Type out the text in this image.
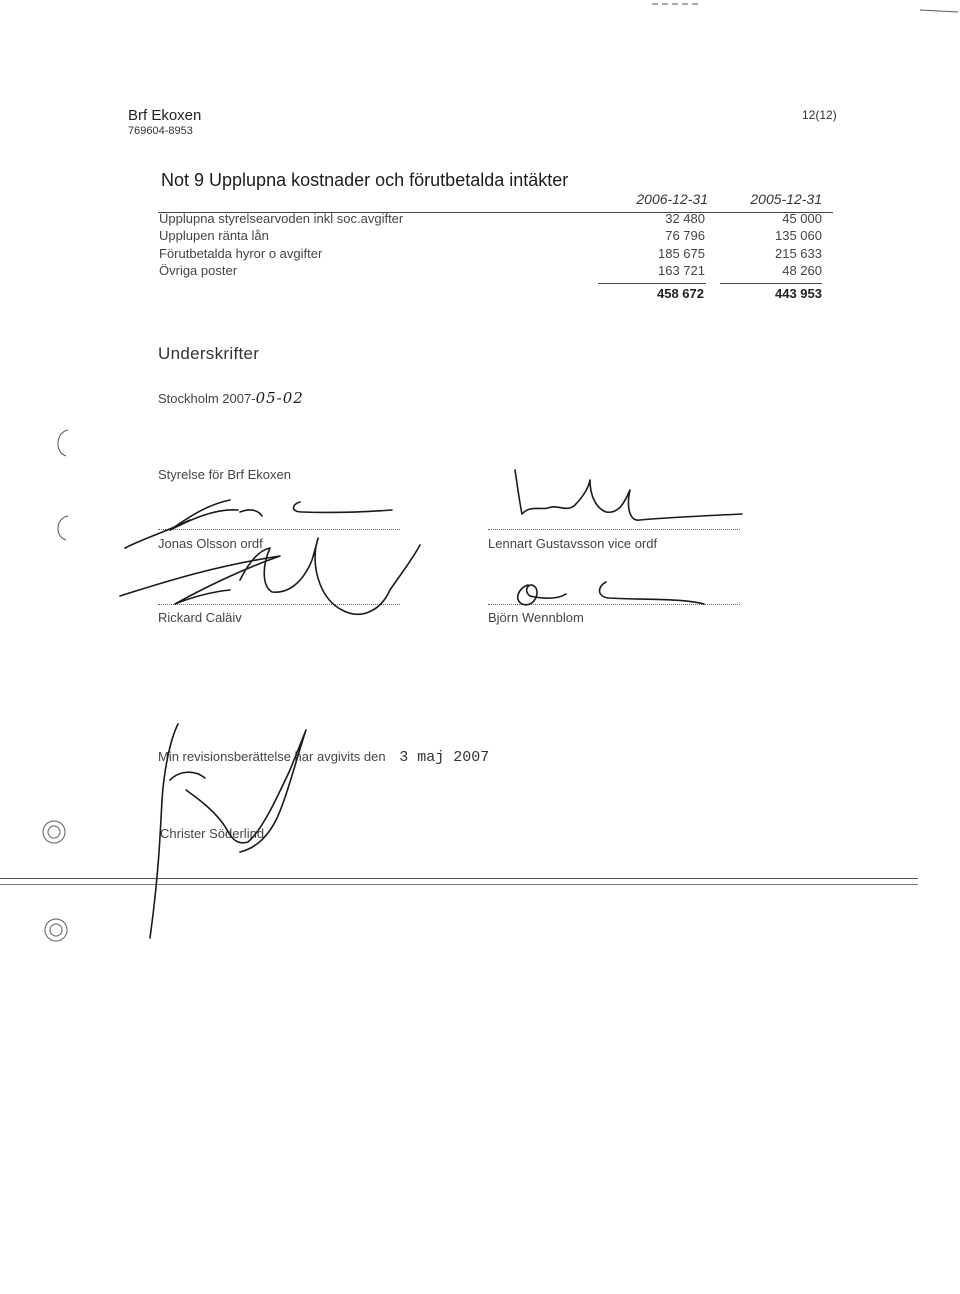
Brf Ekoxen
769604-8953
12(12)
Not 9 Upplupna kostnader och förutbetalda intäkter
2006-12-31	2005-12-31
Upplupna styrelsearvoden inkl soc.avgifter	32 480	45 000
Upplupen ränta lån	76 796	135 060
Förutbetalda hyror o avgifter	185 675	215 633
Övriga poster	163 721	48 260
458 672	443 953
Underskrifter
Stockholm 2007-05-02
Styrelse för Brf Ekoxen
Jonas Olsson ordf	Lennart Gustavsson vice ordf
Rickard Caläiv	Björn Wennblom
Min revisionsberättelse har avgivits den 3 maj 2007
Christer Söderlind
